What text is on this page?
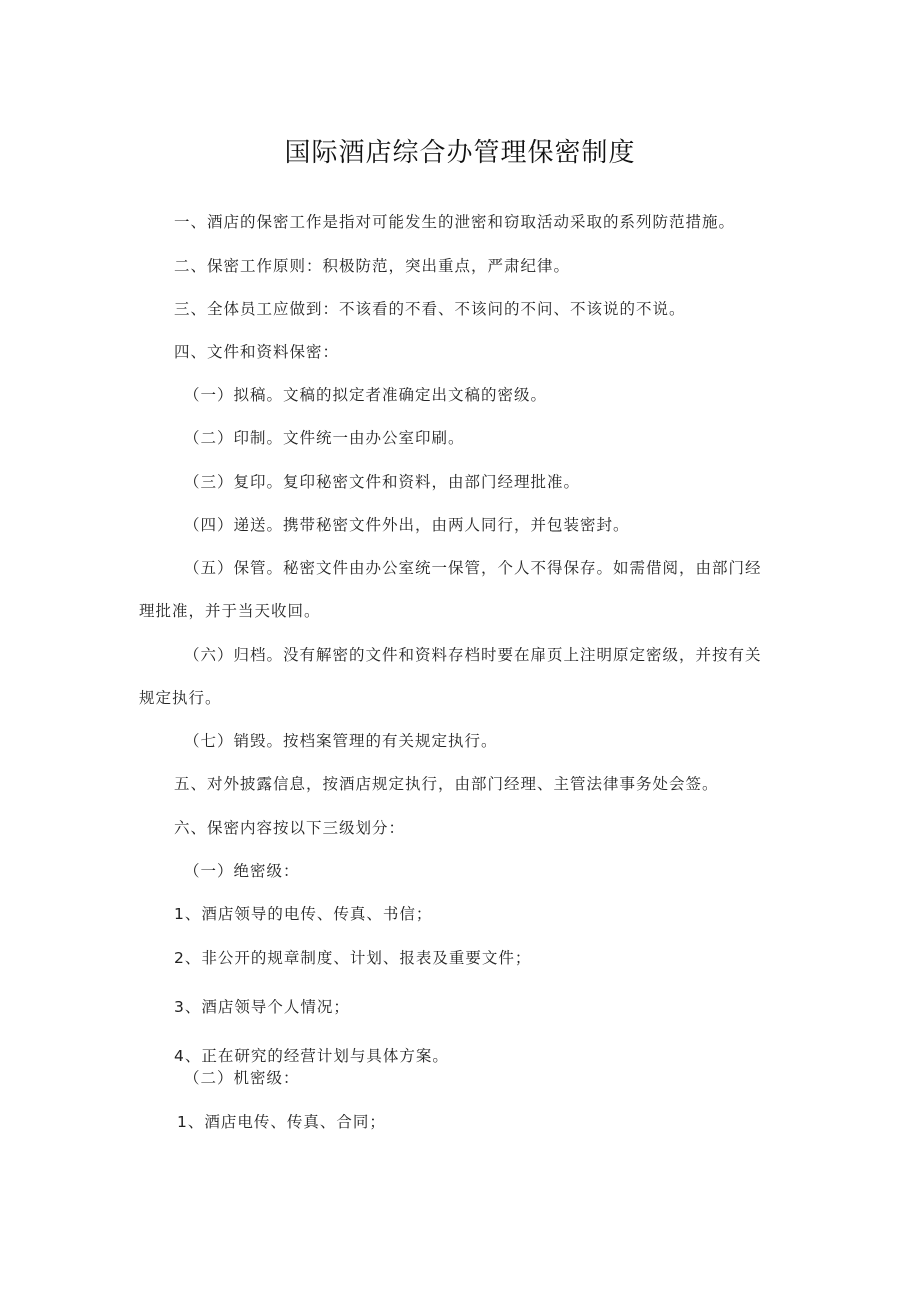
国际酒店综合办管理保密制度

一、酒店的保密工作是指对可能发生的泄密和窃取活动采取的系列防范措施。

二、保密工作原则：积极防范，突出重点，严肃纪律。

三、全体员工应做到：不该看的不看、不该问的不问、不该说的不说。

四、文件和资料保密：

（一）拟稿。文稿的拟定者准确定出文稿的密级。

（二）印制。文件统一由办公室印刷。

（三）复印。复印秘密文件和资料，由部门经理批准。

（四）递送。携带秘密文件外出，由两人同行，并包装密封。

（五）保管。秘密文件由办公室统一保管，个人不得保存。如需借阅，由部门经

理批准，并于当天收回。

（六）归档。没有解密的文件和资料存档时要在扉页上注明原定密级，并按有关

规定执行。

（七）销毁。按档案管理的有关规定执行。

五、对外披露信息，按酒店规定执行，由部门经理、主管法律事务处会签。

六、保密内容按以下三级划分：

（一）绝密级：

1、酒店领导的电传、传真、书信；

2、非公开的规章制度、计划、报表及重要文件；

3、酒店领导个人情况；

4、正在研究的经营计划与具体方案。

（二）机密级：

1、酒店电传、传真、合同；
